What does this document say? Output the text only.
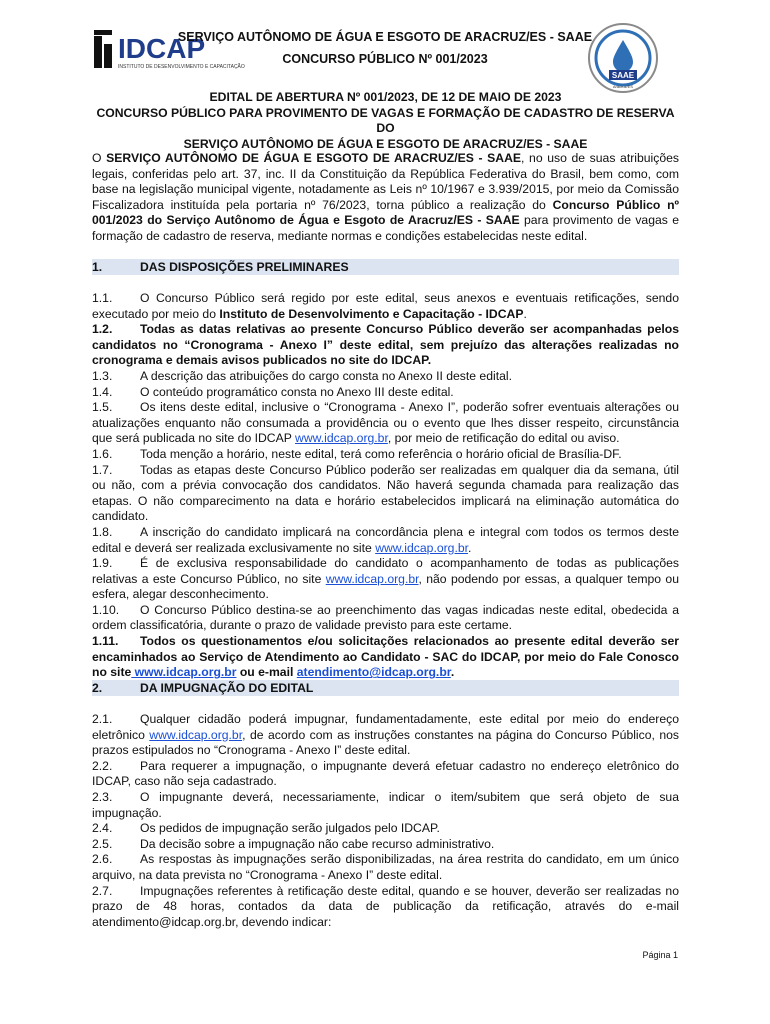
IDCAP
INSTITUTO DE DESENVOLVIMENTO E CAPACITAÇÃO
SERVIÇO AUTÔNOMO DE ÁGUA E ESGOTO DE ARACRUZ/ES - SAAE
CONCURSO PÚBLICO Nº 001/2023
SAAE
Aracruz/ES
EDITAL DE ABERTURA Nº 001/2023, DE 12 DE MAIO DE 2023
CONCURSO PÚBLICO PARA PROVIMENTO DE VAGAS E FORMAÇÃO DE CADASTRO DE RESERVA DO
SERVIÇO AUTÔNOMO DE ÁGUA E ESGOTO DE ARACRUZ/ES - SAAE
O SERVIÇO AUTÔNOMO DE ÁGUA E ESGOTO DE ARACRUZ/ES - SAAE, no uso de suas atribuições legais, conferidas pelo art. 37, inc. II da Constituição da República Federativa do Brasil, bem como, com base na legislação municipal vigente, notadamente as Leis nº 10/1967 e 3.939/2015, por meio da Comissão Fiscalizadora instituída pela portaria nº 76/2023, torna público a realização do Concurso Público nº 001/2023 do Serviço Autônomo de Água e Esgoto de Aracruz/ES - SAAE para provimento de vagas e formação de cadastro de reserva, mediante normas e condições estabelecidas neste edital.
1.	DAS DISPOSIÇÕES PRELIMINARES

1.1. O Concurso Público será regido por este edital, seus anexos e eventuais retificações, sendo executado por meio do Instituto de Desenvolvimento e Capacitação - IDCAP.

1.2. Todas as datas relativas ao presente Concurso Público deverão ser acompanhadas pelos candidatos no “Cronograma - Anexo I” deste edital, sem prejuízo das alterações realizadas no cronograma e demais avisos publicados no site do IDCAP.

1.3. A descrição das atribuições do cargo consta no Anexo II deste edital.

1.4. O conteúdo programático consta no Anexo III deste edital.

1.5. Os itens deste edital, inclusive o “Cronograma - Anexo I”, poderão sofrer eventuais alterações ou atualizações enquanto não consumada a providência ou o evento que lhes disser respeito, circunstância que será publicada no site do IDCAP www.idcap.org.br, por meio de retificação do edital ou aviso.

1.6. Toda menção a horário, neste edital, terá como referência o horário oficial de Brasília-DF.

1.7. Todas as etapas deste Concurso Público poderão ser realizadas em qualquer dia da semana, útil ou não, com a prévia convocação dos candidatos. Não haverá segunda chamada para realização das etapas. O não comparecimento na data e horário estabelecidos implicará na eliminação automática do candidato.

1.8. A inscrição do candidato implicará na concordância plena e integral com todos os termos deste edital e deverá ser realizada exclusivamente no site www.idcap.org.br.

1.9. É de exclusiva responsabilidade do candidato o acompanhamento de todas as publicações relativas a este Concurso Público, no site www.idcap.org.br, não podendo por essas, a qualquer tempo ou esfera, alegar desconhecimento.

1.10. O Concurso Público destina-se ao preenchimento das vagas indicadas neste edital, obedecida a ordem classificatória, durante o prazo de validade previsto para este certame.

1.11. Todos os questionamentos e/ou solicitações relacionados ao presente edital deverão ser encaminhados ao Serviço de Atendimento ao Candidato - SAC do IDCAP, por meio do Fale Conosco no site www.idcap.org.br ou e-mail atendimento@idcap.org.br.

2.	DA IMPUGNAÇÃO DO EDITAL

2.1. Qualquer cidadão poderá impugnar, fundamentadamente, este edital por meio do endereço eletrônico www.idcap.org.br, de acordo com as instruções constantes na página do Concurso Público, nos prazos estipulados no “Cronograma - Anexo I” deste edital.

2.2. Para requerer a impugnação, o impugnante deverá efetuar cadastro no endereço eletrônico do IDCAP, caso não seja cadastrado.

2.3. O impugnante deverá, necessariamente, indicar o item/subitem que será objeto de sua impugnação.

2.4. Os pedidos de impugnação serão julgados pelo IDCAP.

2.5. Da decisão sobre a impugnação não cabe recurso administrativo.

2.6. As respostas às impugnações serão disponibilizadas, na área restrita do candidato, em um único arquivo, na data prevista no “Cronograma - Anexo I” deste edital.

2.7. Impugnações referentes à retificação deste edital, quando e se houver, deverão ser realizadas no prazo de 48 horas, contados da data de publicação da retificação, através do e-mail atendimento@idcap.org.br, devendo indicar:

Página 1
